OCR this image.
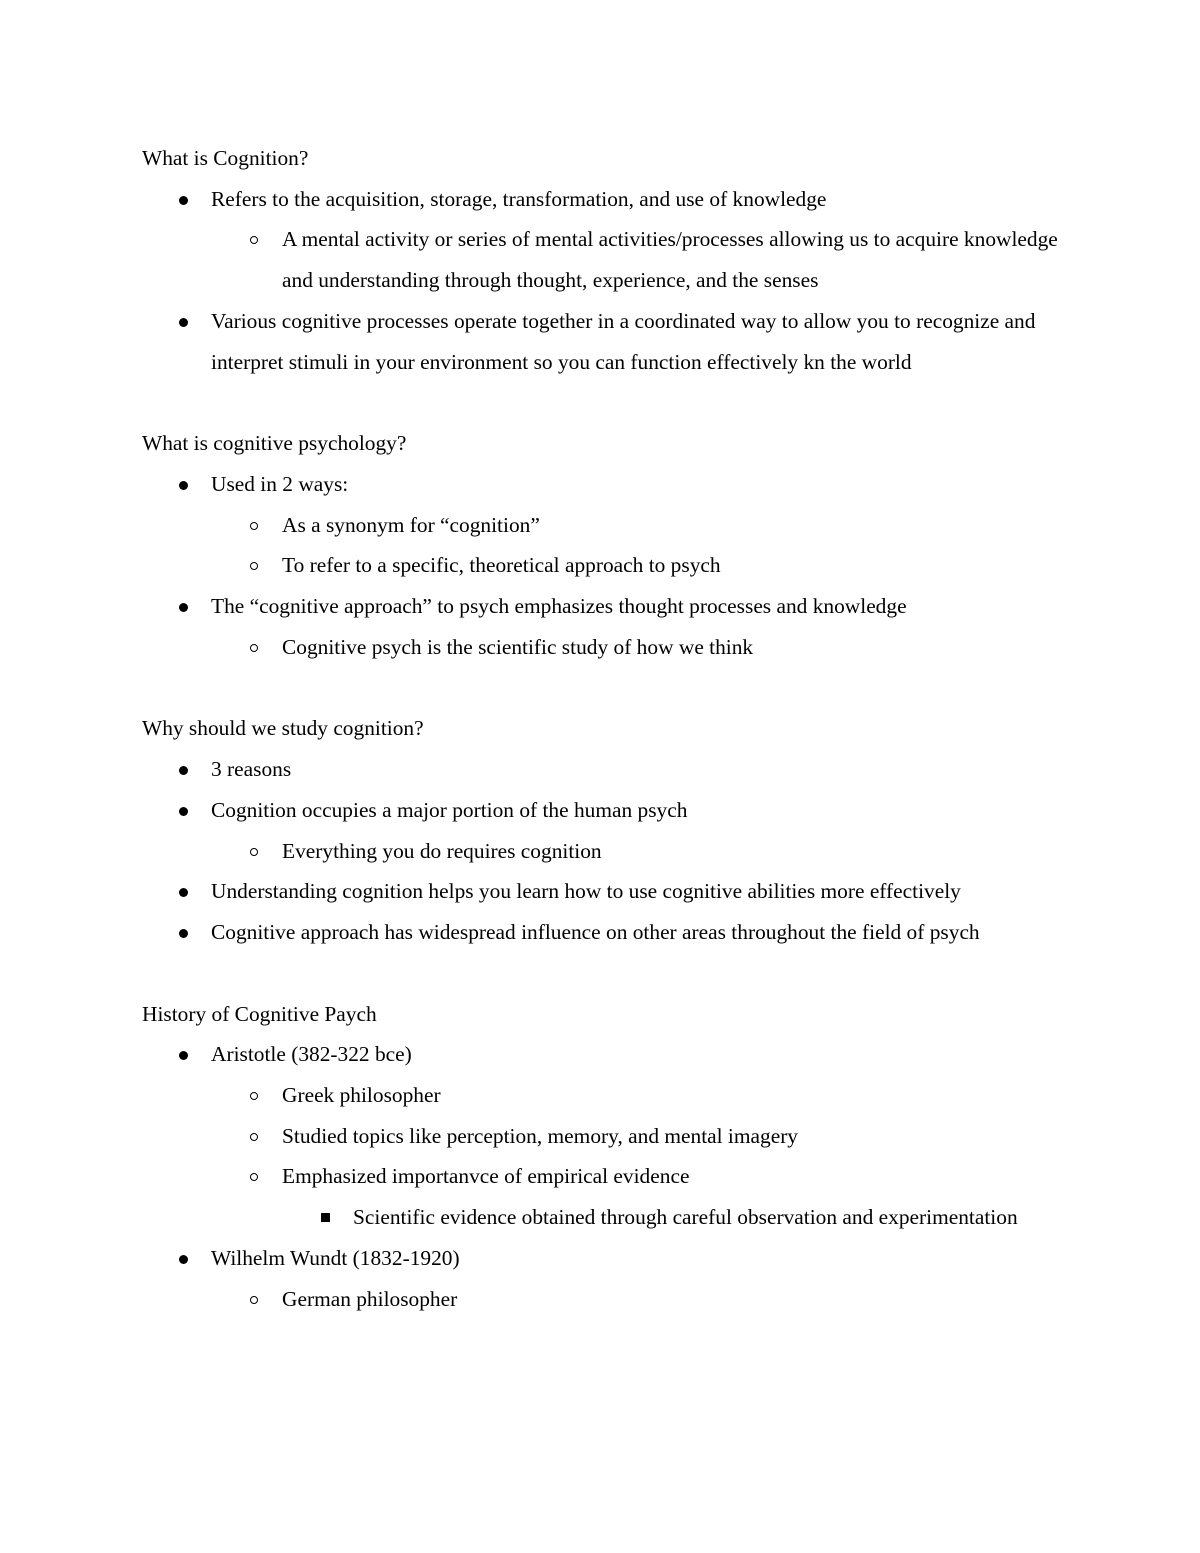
What is Cognition?
Refers to the acquisition, storage, transformation, and use of knowledge
A mental activity or series of mental activities/processes allowing us to acquire knowledge and understanding through thought, experience, and the senses
Various cognitive processes operate together in a coordinated way to allow you to recognize and interpret stimuli in your environment so you can function effectively kn the world
What is cognitive psychology?
Used in 2 ways:
As a synonym for “cognition”
To refer to a specific, theoretical approach to psych
The “cognitive approach” to psych emphasizes thought processes and knowledge
Cognitive psych is the scientific study of how we think
Why should we study cognition?
3 reasons
Cognition occupies a major portion of the human psych
Everything you do requires cognition
Understanding cognition helps you learn how to use cognitive abilities more effectively
Cognitive approach has widespread influence on other areas throughout the field of psych
History of Cognitive Paych
Aristotle (382-322 bce)
Greek philosopher
Studied topics like perception, memory, and mental imagery
Emphasized importanvce of empirical evidence
Scientific evidence obtained through careful observation and experimentation
Wilhelm Wundt (1832-1920)
German philosopher
